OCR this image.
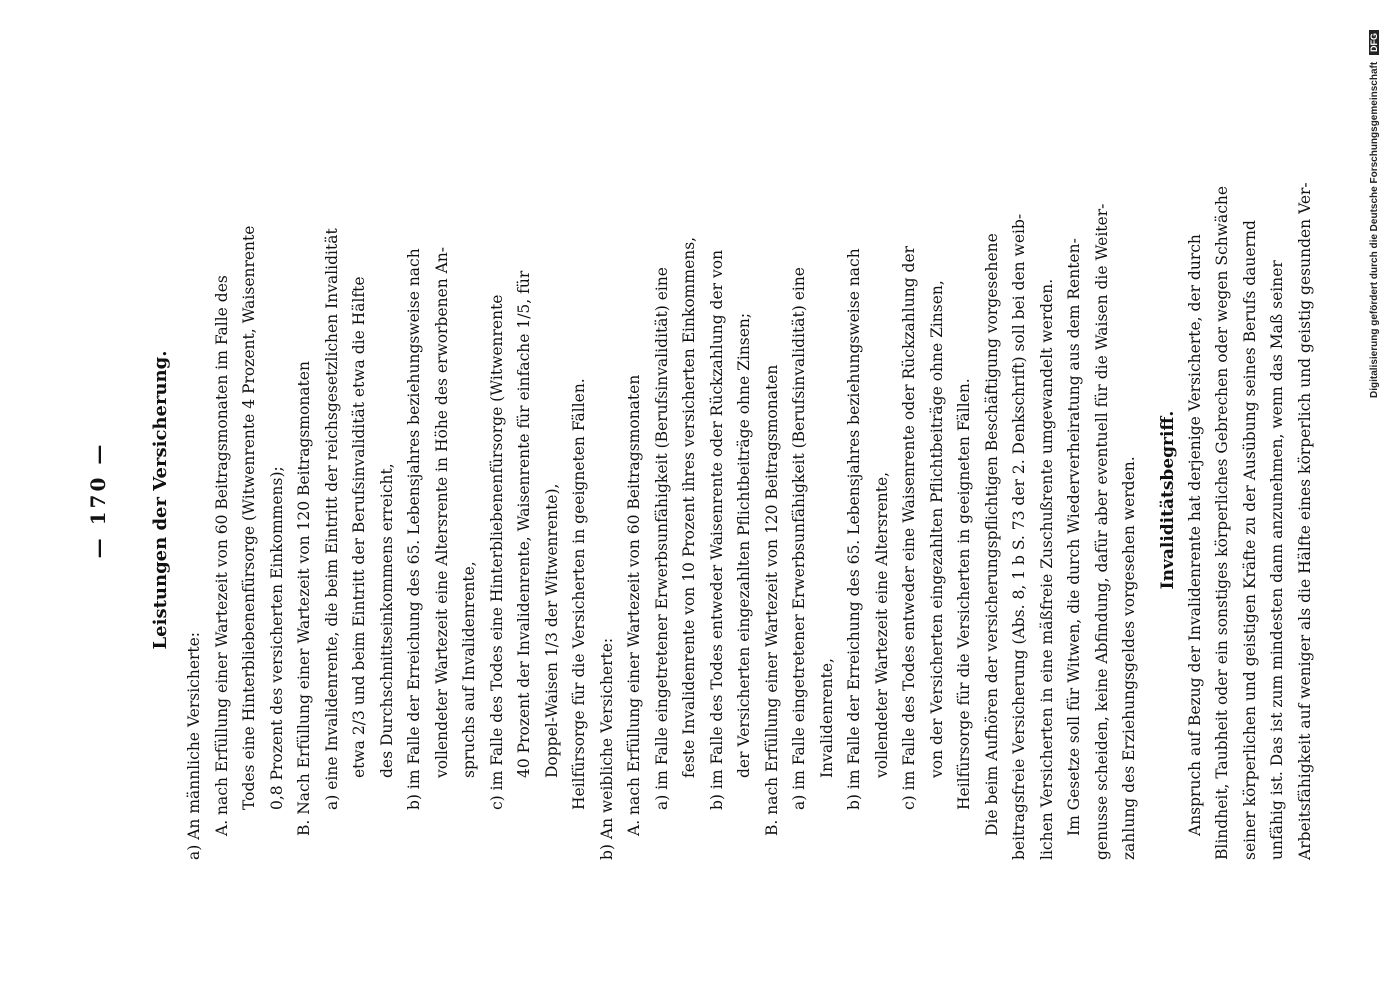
— 170 — Leistungen der Versicherung.
a) An männliche Versicherte: A. nach Erfüllung einer Wartezeit von 60 Beitragsmonaten im Falle des Todes eine Hinterbliebenenfürsorge (Witwenrente 4 Prozent, Waisenrente 0,8 Prozent des versicherten Einkommens); B. Nach Erfüllung einer Wartezeit von 120 Beitragsmonaten a) eine Invalidenrente, die beim Eintritt der reichsgesetzlichen Invalidität etwa 2/3 und beim Eintritt der Berufsinvalidität etwa die Hälfte des Durchschnittseinkommens erreicht, b) im Falle der Erreichung des 65. Lebensjahres beziehungsweise nach vollendeter Wartezeit eine Altersrente in Höhe des erworbenen An- spruchs auf Invalidenrente, c) im Falle des Todes eine Hinterbliebenenfürsorge (Witwenrente 40 Prozent der Invalidenrente, Waisenrente für einfache 1/5, für Doppel-Waisen 1/3 der Witwenrente), Heilfürsorge für die Versicherten in geeigneten Fällen. b) An weibliche Versicherte: A. nach Erfüllung einer Wartezeit von 60 Beitragsmonaten a) im Falle eingetretener Erwerbsunfähigkeit (Berufsinvalidität) eine feste Invalidenrente von 10 Prozent ihres versicherten Einkommens, b) im Falle des Todes entweder Waisenrente oder Rückzahlung der von der Versicherten eingezahlten Pflichtbeiträge ohne Zinsen; B. nach Erfüllung einer Wartezeit von 120 Beitragsmonaten a) im Falle eingetretener Erwerbsunfähigkeit (Berufsinvalidität) eine Invalidenrente, b) im Falle der Erreichung des 65. Lebensjahres beziehungsweise nach vollendeter Wartezeit eine Altersrente, c) im Falle des Todes entweder eine Waisenrente oder Rückzahlung der von der Versicherten eingezahlten Pflichtbeiträge ohne Zinsen, Heilfürsorge für die Versicherten in geeigneten Fällen. Die beim Aufhören der versicherungspflichtigen Beschäftigung vorgesehene beitragsfreie Versicherung (Abs. 8, 1 b S. 73 der 2. Denkschrift) soll bei den weib- lichen Versicherten in eine mäßfreie Zuschußrente umgewandelt werden. Im Gesetze soll für Witwen, die durch Wiederverheiratung aus dem Renten- genusse scheiden, keine Abfindung, dafür aber eventuell für die Waisen die Weiter- zahlung des Erziehungsgeldes vorgesehen werden.	Invaliditätsbegriff. Anspruch auf Bezug der Invalidenrente hat derjenige Versicherte, der durch Blindheit, Taubheit oder ein sonstiges körperliches Gebrechen oder wegen Schwäche seiner körperlichen und geistigen Kräfte zu der Ausübung seines Berufs dauernd unfähig ist. Das ist zum mindesten dann anzunehmen, wenn das Maß seiner Arbeitsfähigkeit auf weniger als die Hälfte eines körperlich und geistig gesunden Ver-	Digitalisierung gefördert durch die Deutsche Forschungsgemeinschaft DFG
